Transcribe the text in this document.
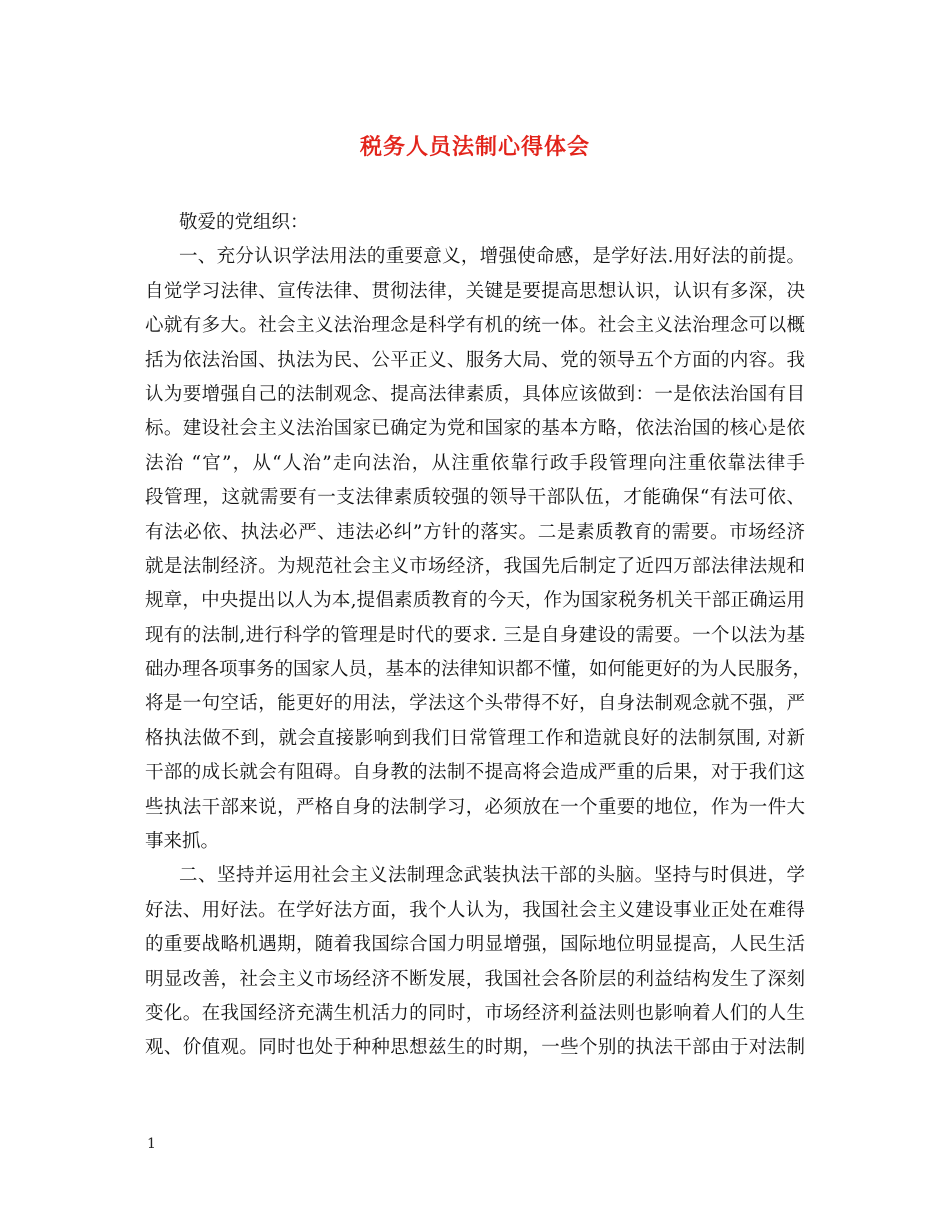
税务人员法制心得体会
敬爱的党组织：
一、充分认识学法用法的重要意义，增强使命感，是学好法.用好法的前提。
自觉学习法律、宣传法律、贯彻法律，关键是要提高思想认识，认识有多深，决
心就有多大。社会主义法治理念是科学有机的统一体。社会主义法治理念可以概
括为依法治国、执法为民、公平正义、服务大局、党的领导五个方面的内容。我
认为要增强自己的法制观念、提高法律素质，具体应该做到：一是依法治国有目
标。建设社会主义法治国家已确定为党和国家的基本方略，依法治国的核心是依
法治 “官”，从“人治”走向法治，从注重依靠行政手段管理向注重依靠法律手
段管理，这就需要有一支法律素质较强的领导干部队伍，才能确保“有法可依、
有法必依、执法必严、违法必纠”方针的落实。二是素质教育的需要。市场经济
就是法制经济。为规范社会主义市场经济，我国先后制定了近四万部法律法规和
规章，中央提出以人为本,提倡素质教育的今天，作为国家税务机关干部正确运用
现有的法制,进行科学的管理是时代的要求. 三是自身建设的需要。一个以法为基
础办理各项事务的国家人员，基本的法律知识都不懂，如何能更好的为人民服务，
将是一句空话，能更好的用法，学法这个头带得不好，自身法制观念就不强，严
格执法做不到，就会直接影响到我们日常管理工作和造就良好的法制氛围, 对新
干部的成长就会有阻碍。自身教的法制不提高将会造成严重的后果，对于我们这
些执法干部来说，严格自身的法制学习，必须放在一个重要的地位，作为一件大
事来抓。
二、坚持并运用社会主义法制理念武装执法干部的头脑。坚持与时俱进，学
好法、用好法。在学好法方面，我个人认为，我国社会主义建设事业正处在难得
的重要战略机遇期，随着我国综合国力明显增强，国际地位明显提高，人民生活
明显改善，社会主义市场经济不断发展，我国社会各阶层的利益结构发生了深刻
变化。在我国经济充满生机活力的同时，市场经济利益法则也影响着人们的人生
观、价值观。同时也处于种种思想兹生的时期，一些个别的执法干部由于对法制
1
